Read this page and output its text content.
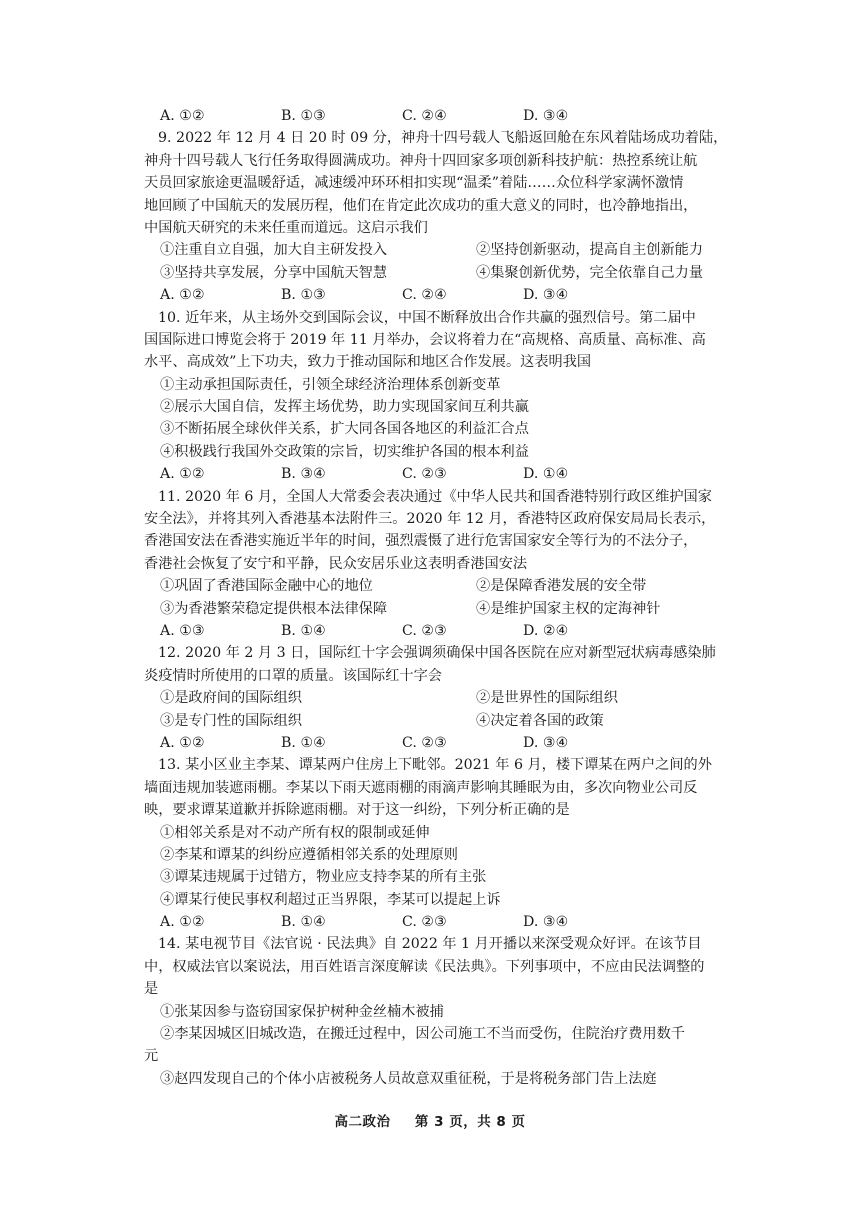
A. ①②	B. ①③	C. ②④	D. ③④
9. 2022 年 12 月 4 日 20 时 09 分，神舟十四号载人飞船返回舱在东风着陆场成功着陆，
神舟十四号载人飞行任务取得圆满成功。神舟十四回家多项创新科技护航：热控系统让航
天员回家旅途更温暖舒适，减速缓冲环环相扣实现“温柔”着陆……众位科学家满怀激情
地回顾了中国航天的发展历程，他们在肯定此次成功的重大意义的同时，也冷静地指出，
中国航天研究的未来任重而道远。这启示我们
①注重自立自强，加大自主研发投入	②坚持创新驱动，提高自主创新能力
③坚持共享发展，分享中国航天智慧	④集聚创新优势，完全依靠自己力量
A. ①②	B. ①③	C. ②④	D. ③④
10. 近年来，从主场外交到国际会议，中国不断释放出合作共赢的强烈信号。第二届中
国国际进口博览会将于 2019 年 11 月举办，会议将着力在“高规格、高质量、高标准、高
水平、高成效”上下功夫，致力于推动国际和地区合作发展。这表明我国
①主动承担国际责任，引领全球经济治理体系创新变革
②展示大国自信，发挥主场优势，助力实现国家间互利共赢
③不断拓展全球伙伴关系，扩大同各国各地区的利益汇合点
④积极践行我国外交政策的宗旨，切实维护各国的根本利益
A. ①②	B. ③④	C. ②③	D. ①④
11. 2020 年 6 月，全国人大常委会表决通过《中华人民共和国香港特别行政区维护国家
安全法》，并将其列入香港基本法附件三。2020 年 12 月，香港特区政府保安局局长表示，
香港国安法在香港实施近半年的时间，强烈震慑了进行危害国家安全等行为的不法分子，
香港社会恢复了安宁和平静，民众安居乐业这表明香港国安法
①巩固了香港国际金融中心的地位	②是保障香港发展的安全带
③为香港繁荣稳定提供根本法律保障	④是维护国家主权的定海神针
A. ①③	B. ①④	C. ②③	D. ②④
12. 2020 年 2 月 3 日，国际红十字会强调须确保中国各医院在应对新型冠状病毒感染肺
炎疫情时所使用的口罩的质量。该国际红十字会
①是政府间的国际组织	②是世界性的国际组织
③是专门性的国际组织	④决定着各国的政策
A. ①②	B. ①④	C. ②③	D. ③④
13. 某小区业主李某、谭某两户住房上下毗邻。2021 年 6 月，楼下谭某在两户之间的外
墙面违规加装遮雨棚。李某以下雨天遮雨棚的雨滴声影响其睡眠为由，多次向物业公司反
映，要求谭某道歉并拆除遮雨棚。对于这一纠纷，下列分析正确的是
①相邻关系是对不动产所有权的限制或延伸
②李某和谭某的纠纷应遵循相邻关系的处理原则
③谭某违规属于过错方，物业应支持李某的所有主张
④谭某行使民事权利超过正当界限，李某可以提起上诉
A. ①②	B. ①④	C. ②③	D. ③④
14. 某电视节目《法官说 · 民法典》自 2022 年 1 月开播以来深受观众好评。在该节目
中，权威法官以案说法，用百姓语言深度解读《民法典》。下列事项中，不应由民法调整的
是
①张某因参与盗窃国家保护树种金丝楠木被捕
②李某因城区旧城改造，在搬迁过程中，因公司施工不当而受伤，住院治疗费用数千
元
③赵四发现自己的个体小店被税务人员故意双重征税，于是将税务部门告上法庭
高二政治 第 3 页，共 8 页
